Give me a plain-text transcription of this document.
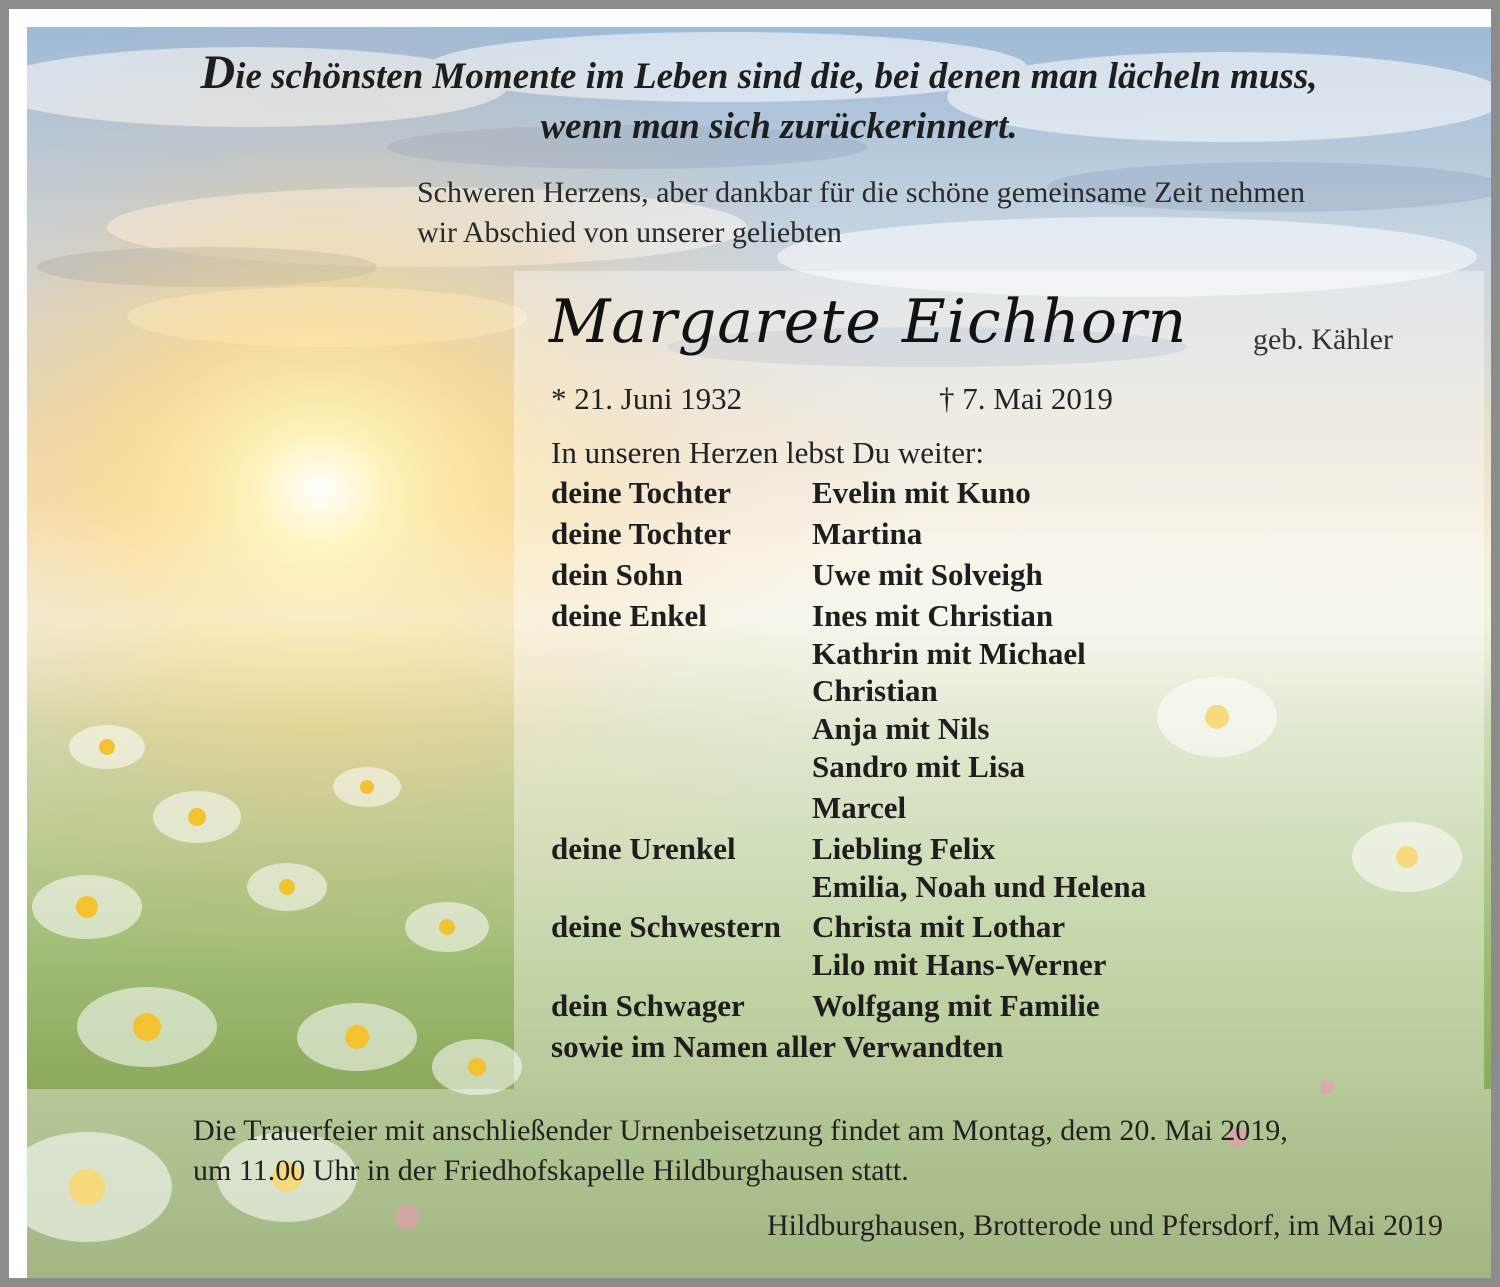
Die schönsten Momente im Leben sind die, bei denen man lächeln muss,
wenn man sich zurückerinnert.
Schweren Herzens, aber dankbar für die schöne gemeinsame Zeit nehmen
wir Abschied von unserer geliebten
Margarete Eichhorn geb. Kähler
* 21. Juni 1932	† 7. Mai 2019
In unseren Herzen lebst Du weiter:
deine Tochter	Evelin mit Kuno
deine Tochter	Martina
dein Sohn	Uwe mit Solveigh
deine Enkel	Ines mit Christian
Kathrin mit Michael
Christian
Anja mit Nils
Sandro mit Lisa
Marcel
deine Urenkel Liebling Felix
Emilia, Noah und Helena
deine Schwestern Christa mit Lothar
Lilo mit Hans-Werner
dein Schwager Wolfgang mit Familie
sowie im Namen aller Verwandten
Die Trauerfeier mit anschließender Urnenbeisetzung findet am Montag, dem 20. Mai 2019,
um 11.00 Uhr in der Friedhofskapelle Hildburghausen statt.
Hildburghausen, Brotterode und Pfersdorf, im Mai 2019
